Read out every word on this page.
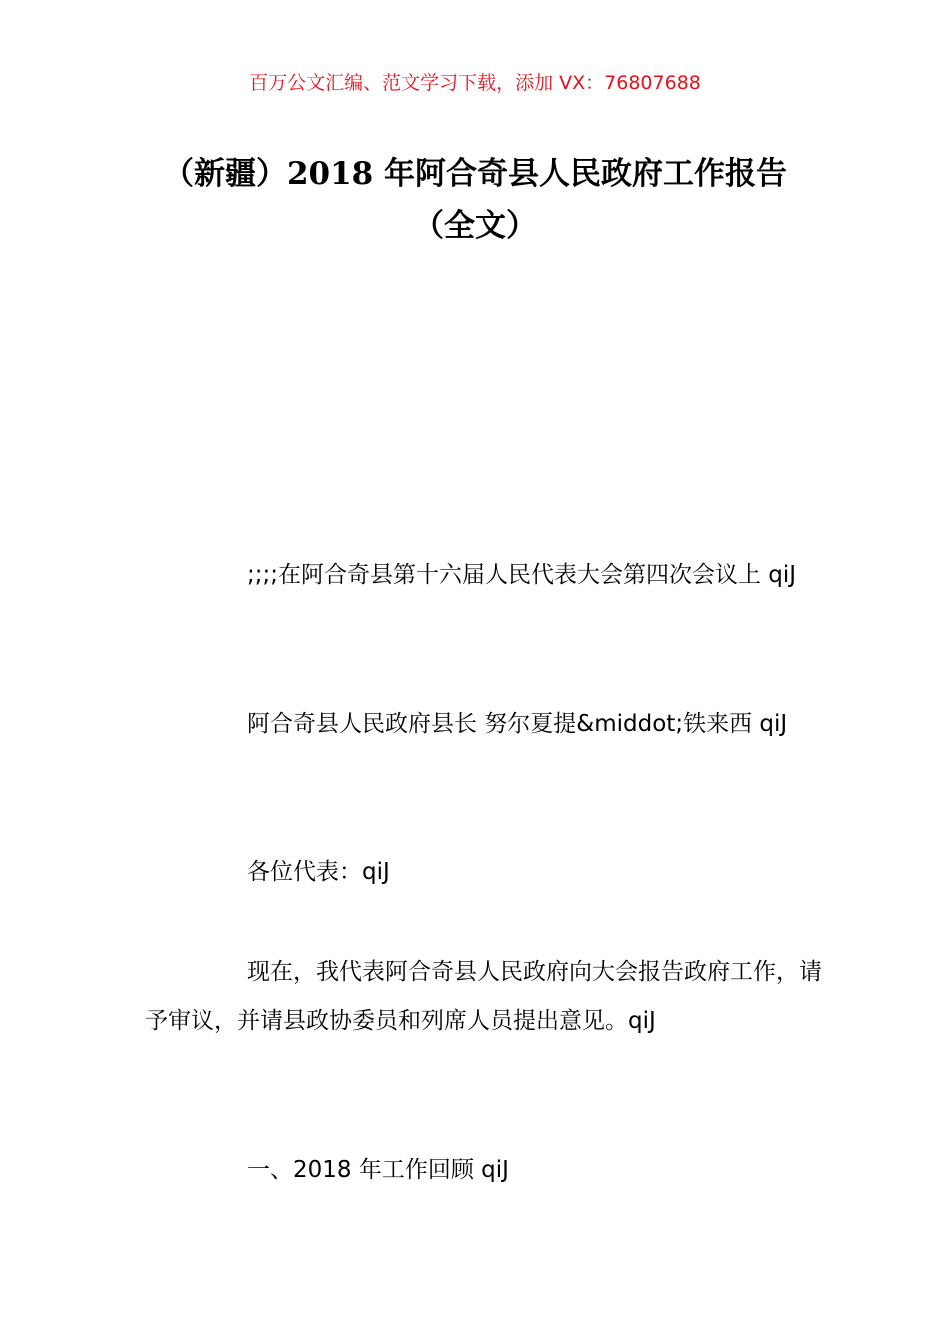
百万公文汇编、范文学习下载，添加 VX：76807688
（新疆）2018 年阿合奇县人民政府工作报告（全文）

;;;;在阿合奇县第十六届人民代表大会第四次会议上 qiJ

阿合奇县人民政府县长 努尔夏提&middot;铁来西 qiJ

各位代表：qiJ

现在，我代表阿合奇县人民政府向大会报告政府工作，请予审议，并请县政协委员和列席人员提出意见。qiJ

一、2018 年工作回顾 qiJ
